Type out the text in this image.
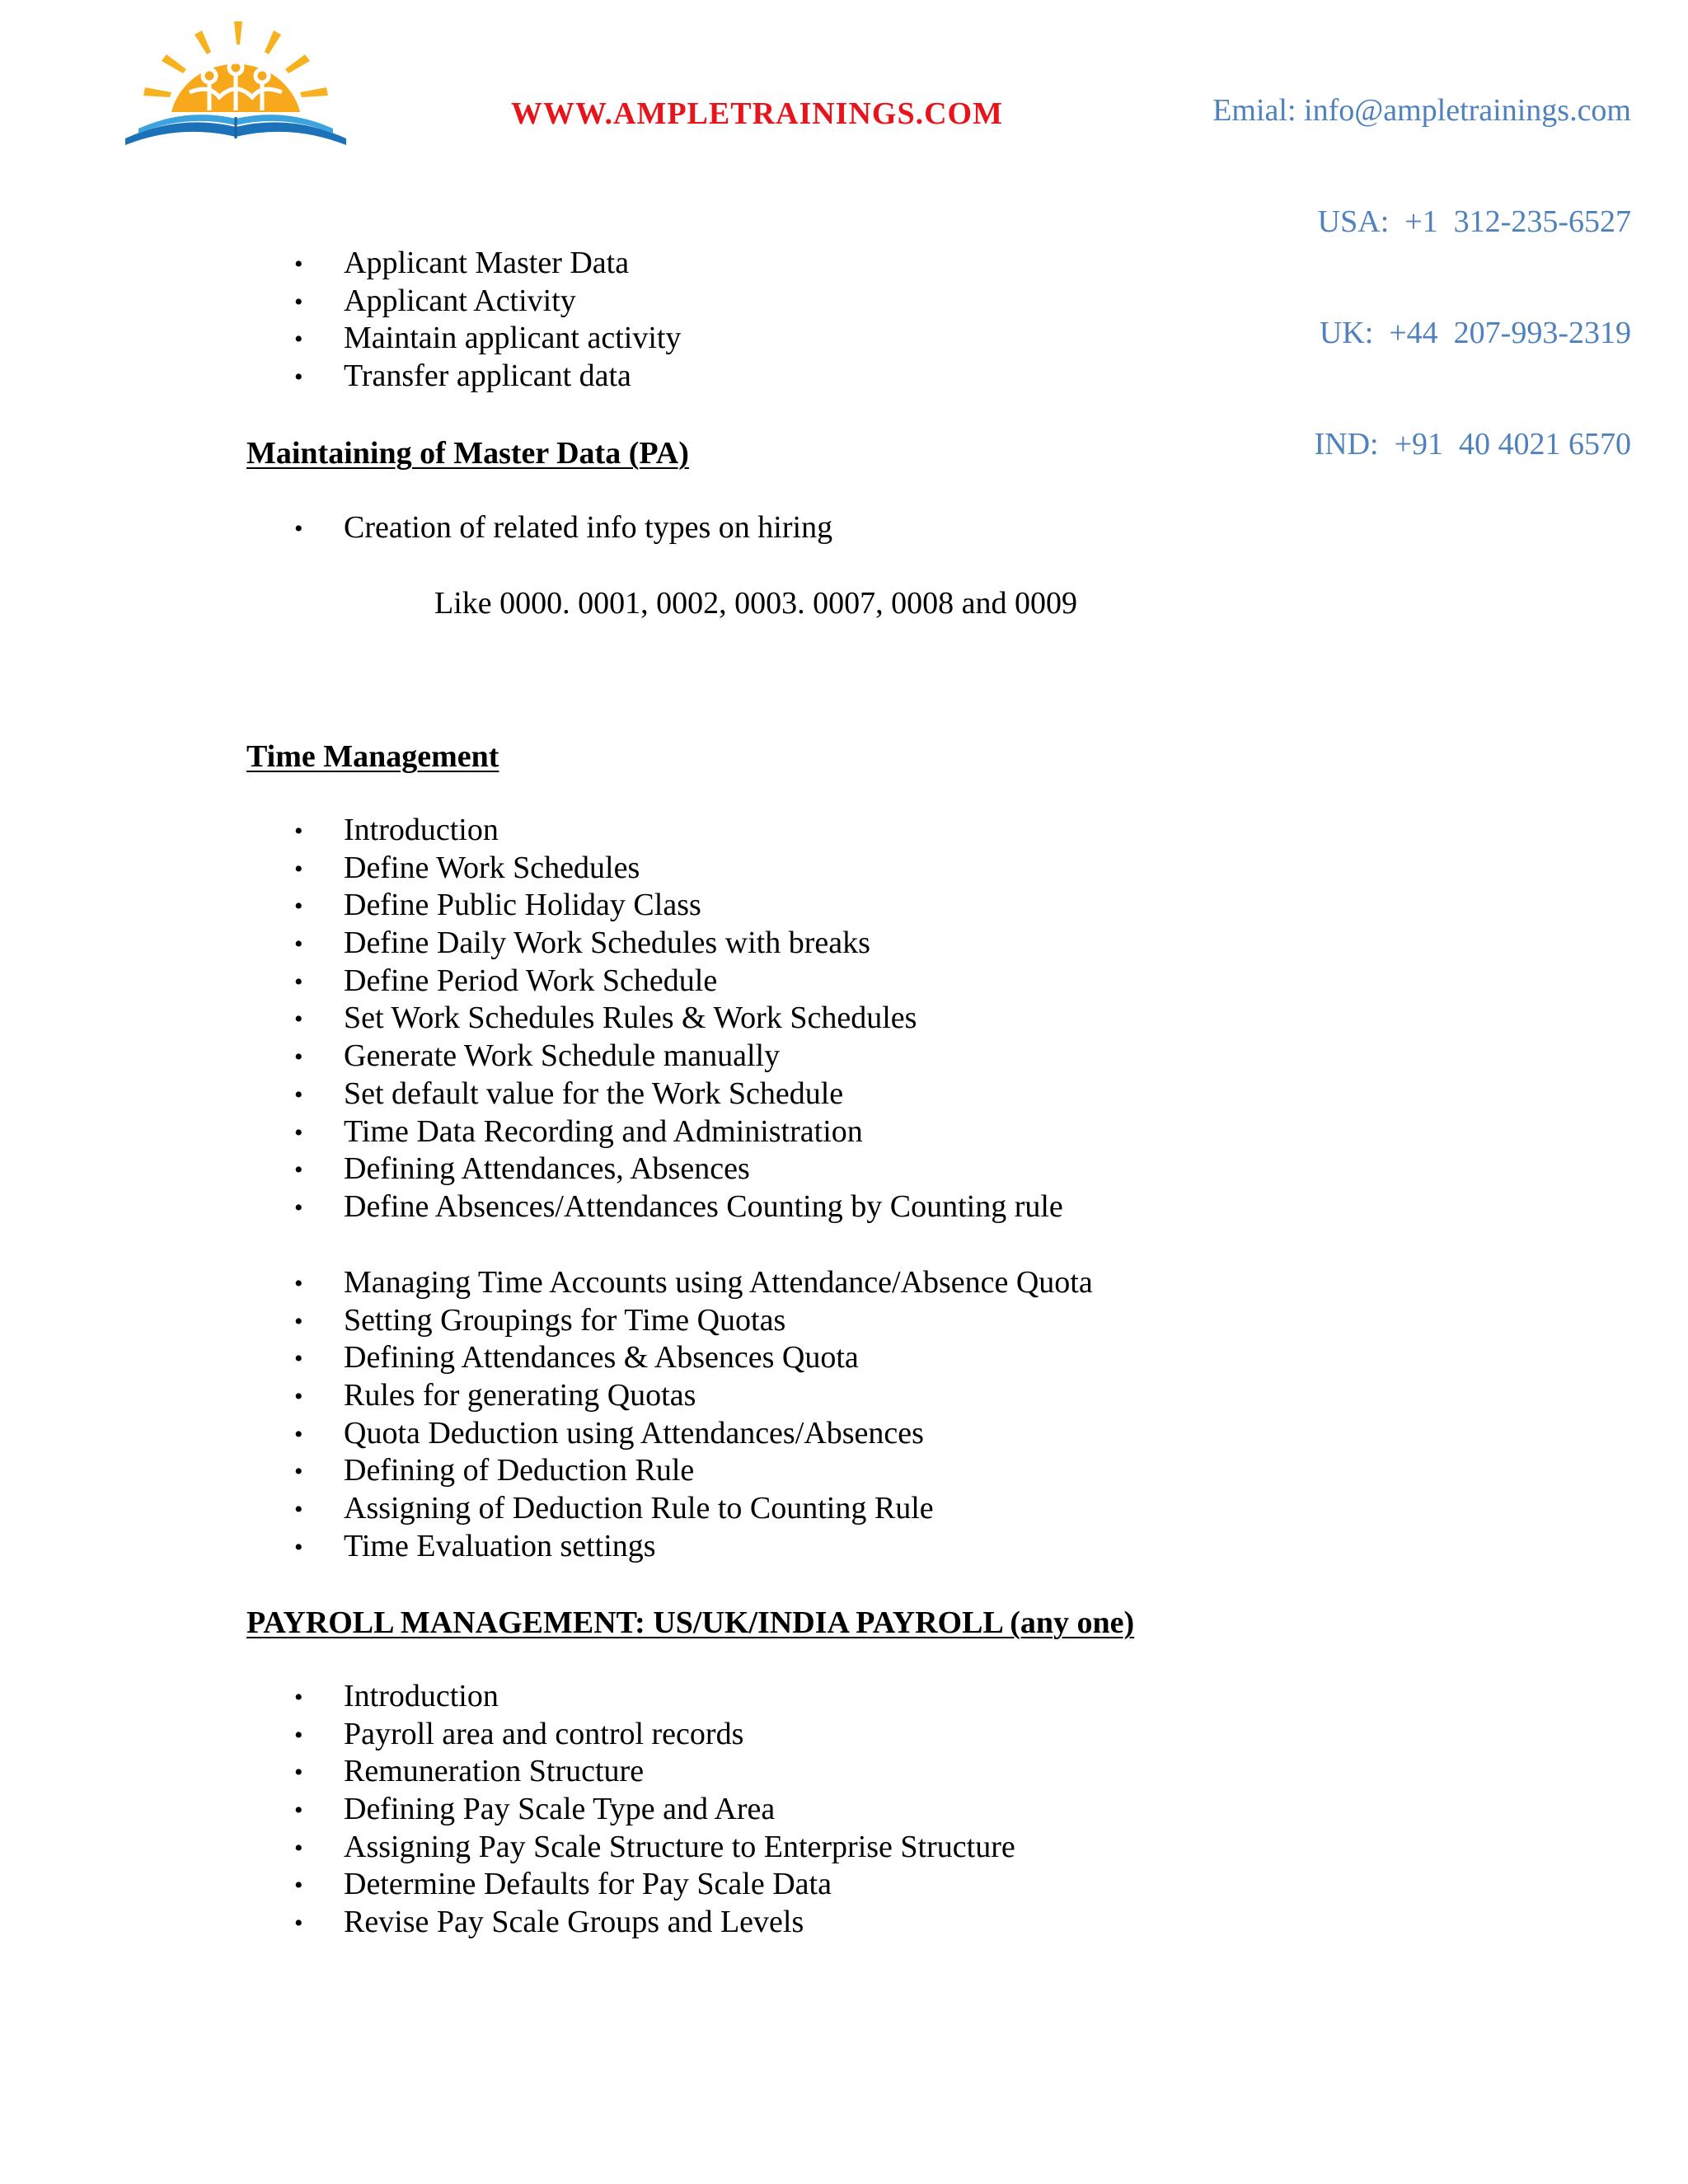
WWW.AMPLETRAININGS.COM

	Emial: info@ampletrainings.com

USA:  +1  312-235-6527

UK:  +44  207-993-2319

IND:  +91  40 4021 6570

• Applicant Master Data
• Applicant Activity
• Maintain applicant activity
• Transfer applicant data
Maintaining of Master Data (PA)
• Creation of related info types on hiring
Like 0000. 0001, 0002, 0003. 0007, 0008 and 0009
Time Management
• Introduction
• Define Work Schedules
• Define Public Holiday Class
• Define Daily Work Schedules with breaks
• Define Period Work Schedule
• Set Work Schedules Rules & Work Schedules
• Generate Work Schedule manually
• Set default value for the Work Schedule
• Time Data Recording and Administration
• Defining Attendances, Absences
• Define Absences/Attendances Counting by Counting rule
• Managing Time Accounts using Attendance/Absence Quota
• Setting Groupings for Time Quotas
• Defining Attendances & Absences Quota
• Rules for generating Quotas
• Quota Deduction using Attendances/Absences
• Defining of Deduction Rule
• Assigning of Deduction Rule to Counting Rule
• Time Evaluation settings
PAYROLL MANAGEMENT: US/UK/INDIA PAYROLL (any one)
• Introduction
• Payroll area and control records
• Remuneration Structure
• Defining Pay Scale Type and Area
• Assigning Pay Scale Structure to Enterprise Structure
• Determine Defaults for Pay Scale Data
• Revise Pay Scale Groups and Levels
